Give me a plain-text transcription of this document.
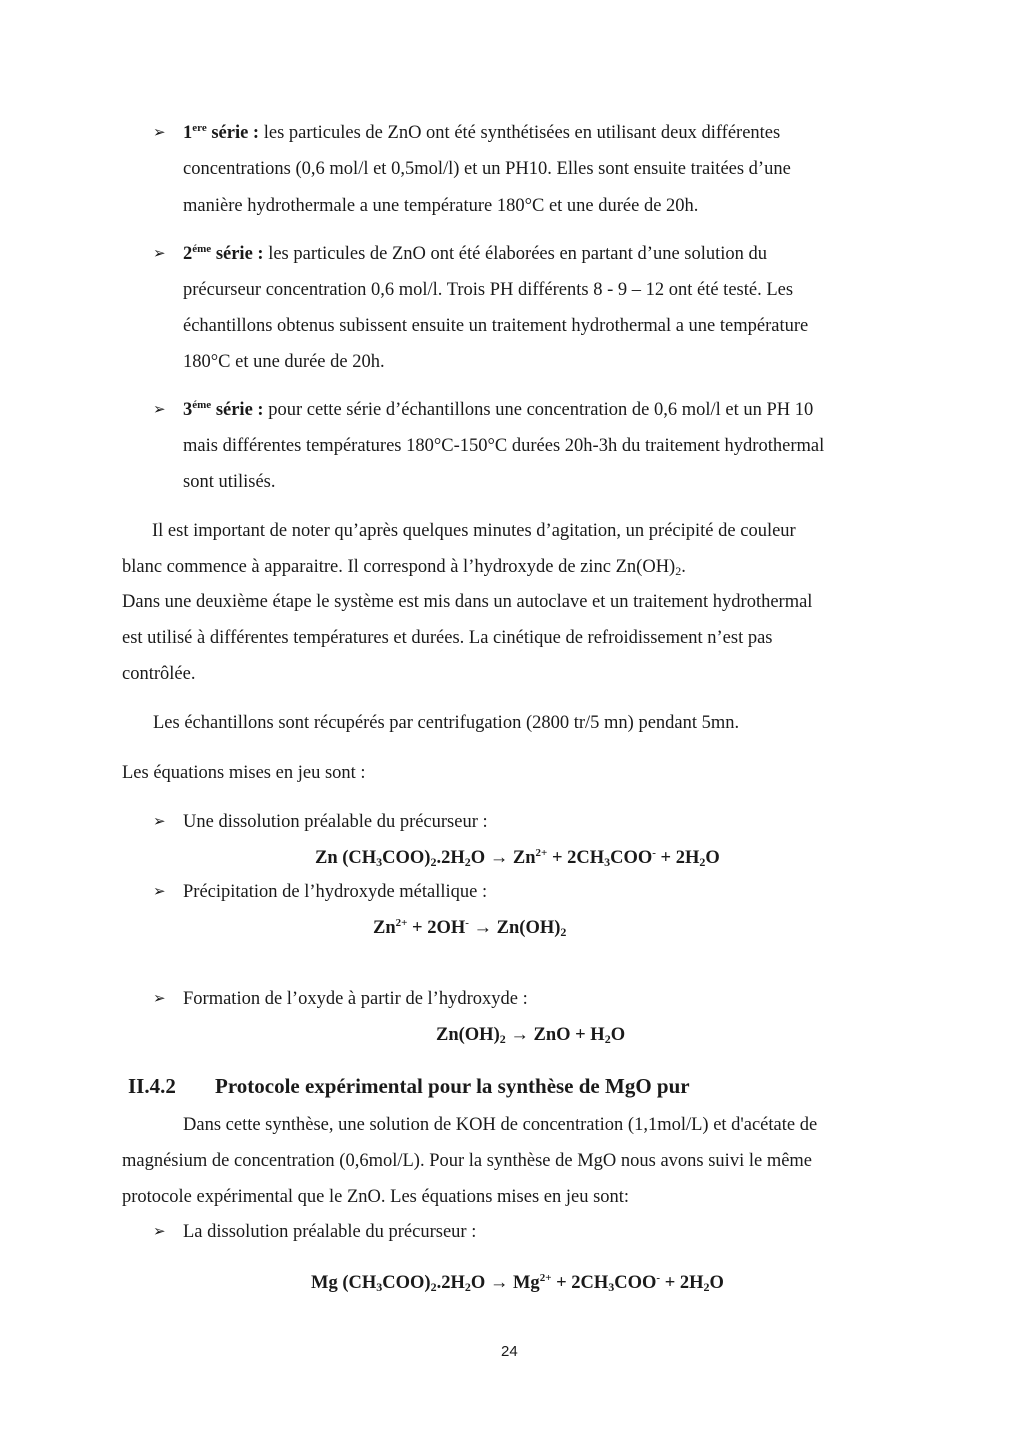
➢ 1ere série : les particules de ZnO ont été synthétisées en utilisant deux différentes
concentrations (0,6 mol/l et 0,5mol/l) et un PH10. Elles sont ensuite traitées d’une
manière hydrothermale a une température 180°C et une durée de 20h.
➢ $2^{éme}$ série : les particules de ZnO ont été élaborées en partant d’une solution du
précurseur concentration 0,6 mol/l. Trois PH différents 8 - 9 – 12 ont été testé. Les
échantillons obtenus subissent ensuite un traitement hydrothermal a une température
180°C et une durée de 20h.
➢ $3^{éme}$ série : pour cette série d’échantillons une concentration de 0,6 mol/l et un PH 10
mais différentes températures 180°C-150°C durées 20h-3h du traitement hydrothermal
sont utilisés.
Il est important de noter qu’après quelques minutes d’agitation, un précipité de couleur
blanc commence à apparaitre. Il correspond à l’hydroxyde de zinc $Zn(OH)_2$.
Dans une deuxième étape le système est mis dans un autoclave et un traitement hydrothermal
est utilisé à différentes températures et durées. La cinétique de refroidissement n’est pas
contrôlée.
Les échantillons sont récupérés par centrifugation (2800 tr/5 mn) pendant 5mn.
Les équations mises en jeu sont :
➢ Une dissolution préalable du précurseur :
Zn $(CH_3COO)_2.2H_2O \to Zn^{2+} + 2CH_3COO^- + 2H_2O$
➢ Précipitation de l’hydroxyde métallique :
$Zn^{2+} + 2OH^- \to Zn(OH)_2$
➢ Formation de l’oxyde à partir de l’hydroxyde :
$Zn(OH)_2$ → ZnO + $H_2O$
II.4.2 Protocole expérimental pour la synthèse de MgO pur
Dans cette synthèse, une solution de KOH de concentration (1,1mol/L) et d'acétate de
magnésium de concentration (0,6mol/L). Pour la synthèse de MgO nous avons suivi le même
protocole expérimental que le ZnO. Les équations mises en jeu sont:
➢ La dissolution préalable du précurseur :
Mg $(CH_3COO)_2.2H_2O \to Mg^{2+} + 2CH_3COO^- + 2H_2O$
24
